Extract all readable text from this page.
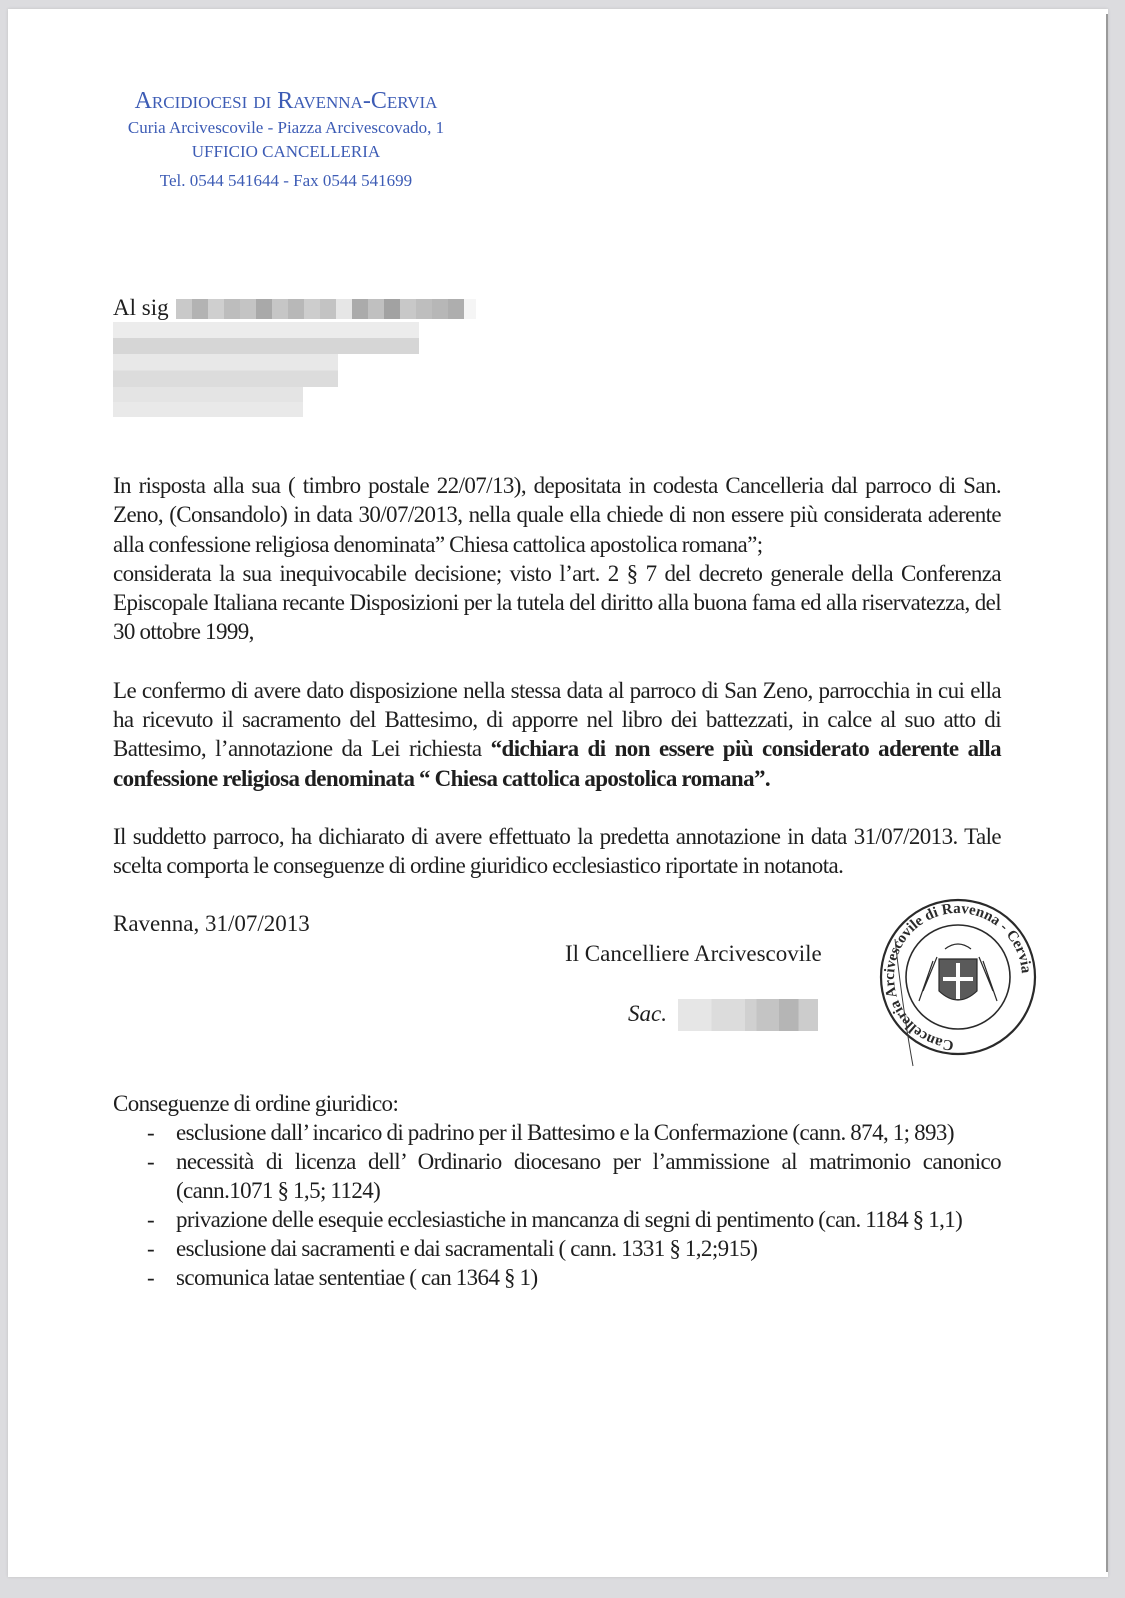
Arcidiocesi di Ravenna-Cervia
Curia Arcivescovile - Piazza Arcivescovado, 1
UFFICIO CANCELLERIA
Tel. 0544 541644 - Fax 0544 541699
Al sig

In risposta alla sua ( timbro postale 22/07/13), depositata in codesta Cancelleria dal parroco di San. Zeno, (Consandolo) in data 30/07/2013, nella quale ella chiede di non essere più considerata aderente alla confessione religiosa denominata” Chiesa cattolica apostolica romana”;

considerata la sua inequivocabile decisione; visto l’art. 2 § 7 del decreto generale della Conferenza Episcopale Italiana recante Disposizioni per la tutela del diritto alla buona fama ed alla riservatezza, del 30 ottobre 1999,

Le confermo di avere dato disposizione nella stessa data al parroco di San Zeno, parrocchia in cui ella ha ricevuto il sacramento del Battesimo, di apporre nel libro dei battezzati, in calce al suo atto di Battesimo, l’annotazione da Lei richiesta “dichiara di non essere più considerato aderente alla confessione religiosa denominata “ Chiesa cattolica apostolica romana”.

Il suddetto parroco, ha dichiarato di avere effettuato la predetta annotazione in data 31/07/2013. Tale scelta comporta le conseguenze di ordine giuridico ecclesiastico riportate in notanota.

Ravenna, 31/07/2013
Il Cancelliere Arcivescovile
Sac.
Cancelleria Arcivescovile di Ravenna - Cervia

Conseguenze di ordine giuridico:

- esclusione dall’ incarico di padrino per il Battesimo e la Confermazione (cann. 874, 1; 893)
- necessità di licenza dell’ Ordinario diocesano per l’ammissione al matrimonio canonico (cann.1071 § 1,5; 1124)
- privazione delle esequie ecclesiastiche in mancanza di segni di pentimento (can. 1184 § 1,1)
- esclusione dai sacramenti e dai sacramentali ( cann. 1331 § 1,2;915)
- scomunica latae sententiae ( can 1364 § 1)
